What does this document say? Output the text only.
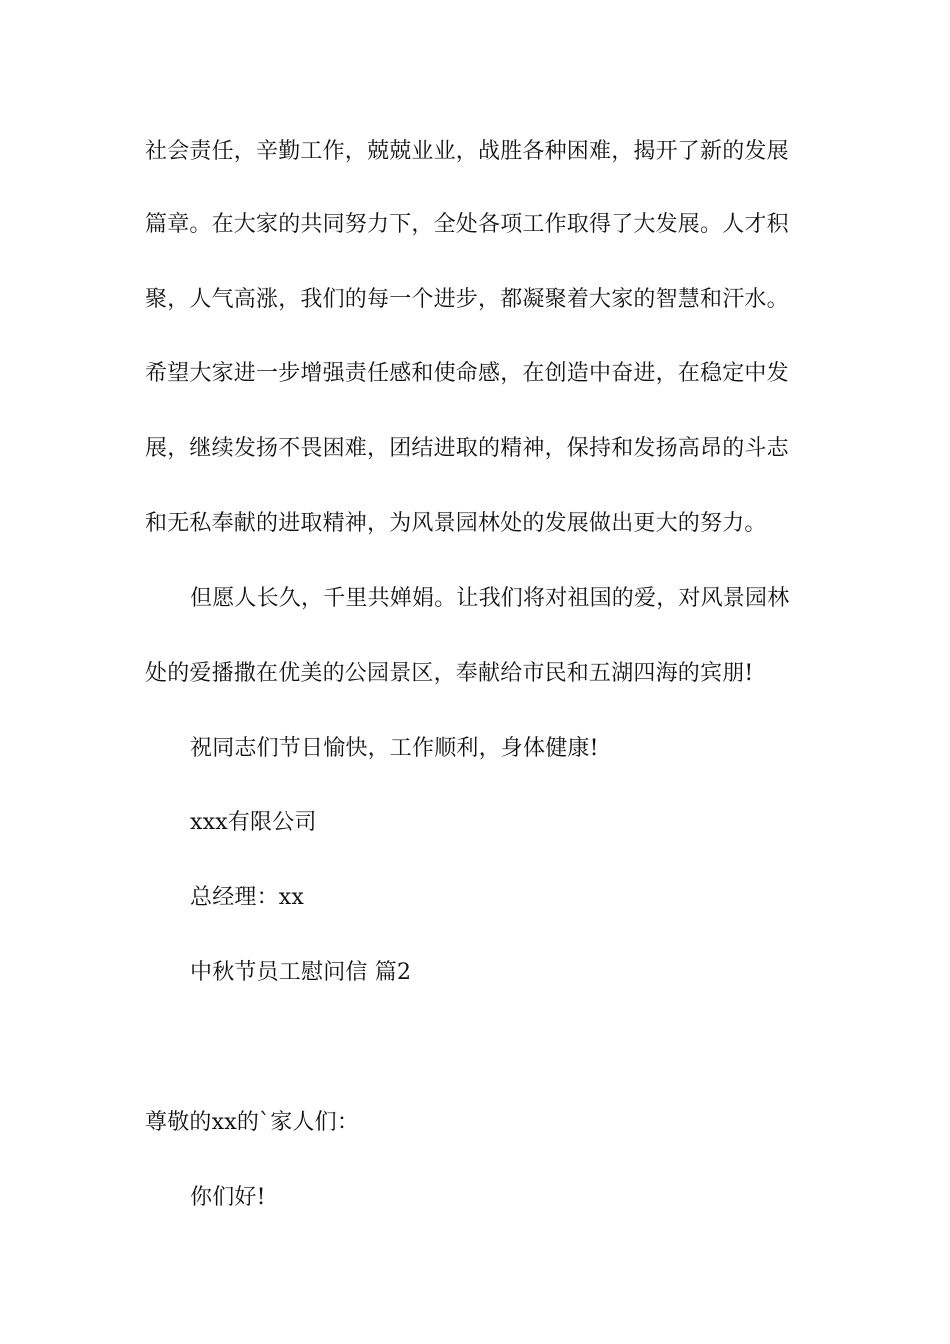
社会责任，辛勤工作，兢兢业业，战胜各种困难，揭开了新的发展
篇章。在大家的共同努力下，全处各项工作取得了大发展。人才积
聚，人气高涨，我们的每一个进步，都凝聚着大家的智慧和汗水。
希望大家进一步增强责任感和使命感，在创造中奋进，在稳定中发
展，继续发扬不畏困难，团结进取的精神，保持和发扬高昂的斗志
和无私奉献的进取精神，为风景园林处的发展做出更大的努力。
但愿人长久，千里共婵娟。让我们将对祖国的爱，对风景园林
处的爱播撒在优美的公园景区，奉献给市民和五湖四海的宾朋!
祝同志们节日愉快，工作顺利，身体健康!
xxx有限公司
总经理：xx
中秋节员工慰问信 篇2
尊敬的xx的`家人们：
你们好!
